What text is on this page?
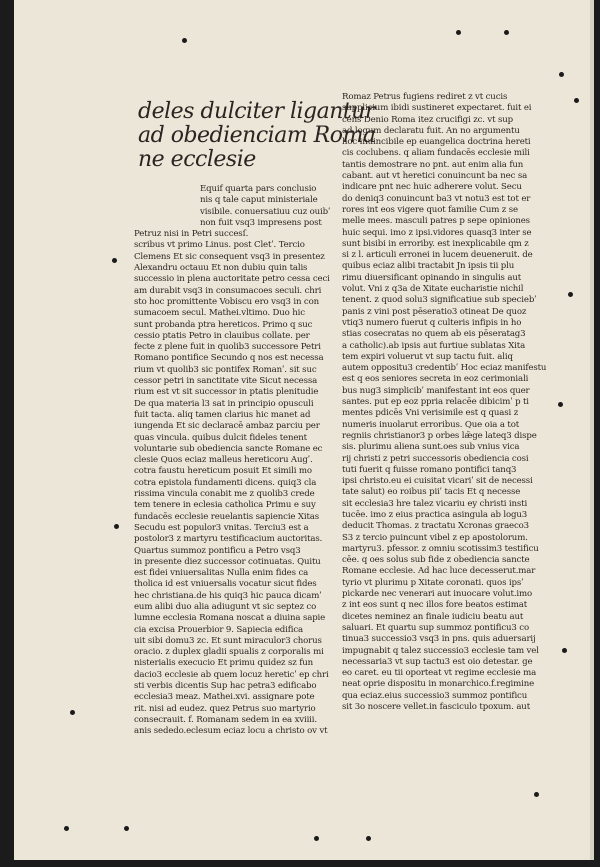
deles dulciter ligantur
ad obedienciam Roma
ne ecclesie
Equif quarta pars conclusio
nis q tale caput ministeriale
visibile. conuersatiuu cuz ouibʹ
non fuit vsq3 impresens post
Petruz nisi in Petri succesſ.
scribus vt primo Linus. post Cletʹ. Tercio
Clemens Et sic consequent vsq3 in presentez
Alexandru octauu Et non dubiu quin talis
successio in plena auctoritate petro cessa ceci
am durabit vsq3 in consumacoes seculi. chri
sto hoc promittente Vobiscu ero vsq3 in con
sumacoem secul. Mathei.vltimo. Duo hic
sunt probanda ptra hereticos. Primo q suc
cessio ptatis Petro in clauibus collate. per
fecte z plene fuit in quolib3 successore Petri
Romano pontifice Secundo q nos est necessa
rium vt quolib3 sic pontifex Romanʹ. sit suc
cessor petri in sanctitate vite Sicut necessa
rium est vt sit successor in ptatis plenitudie
De qua materia l3 sat in principio opusculi
fuit tacta. aliq tamen clarius hic manet ad
iungenda Et sic declaracē ambaz parciu per
quas vincula. quibus dulcit fideles tenent
voluntarie sub obediencia sancte Romane ec
clesie Quos eciaz malleus hereticoru Augʹ.
cotra faustu hereticum posuit Et simili mo
cotra epistola fundamenti dicens. quiq3 cla
rissima vincula conabit me z quolib3 crede
tem tenere in eclesia catholica Primu e suy
fundacēs ecclesie reuelantis sapiencie Xitas
Secudu est populor3 vnitas. Terciu3 est a
postolor3 z martyru testificacium auctoritas.
Quartus summoz pontificu a Petro vsq3
in presente diez successor cotinuatas. Quitu
est fidei vniuersalitas Nulla enim fides ca
tholica id est vniuersalis vocatur sicut fides
hec christiana.de his quiq3 hic pauca dicamʹ
eum alibi duo alia adiugunt vt sic septez co
lumne ecclesia Romana noscat a diuina sapie
cia excisa Prouerbior 9. Sapiecia edifica
uit sibi domu3 zc. Et sunt miraculor3 chorus
oracio. z duplex gladii spualis z corporalis mi
nisterialis execucio Et primu quidez sz fun
dacio3 ecclesie ab quem locuz hereticʹ ep chri
sti verbis dicentis Sup hac petra3 edificabo
ecclesia3 meaz. Mathei.xvi. assignare pote
rit. nisi ad eudez. quez Petrus suo martyrio
consecrauit. f. Romanam sedem in ea xviiii.
anis sededo.eclesum eciaz locu a christo ov vt
Romaz Petrus fugiens rediret z vt cucis
supplicium ibidi sustineret expectaret. fuit ei
cens Denio Roma itez crucifigi zc. vt sup
ad logum declaratu fuit. An no argumentu
hoc inuincibile ep euangelica doctrina hereti
cis coclubens. q aliam fundacēs ecclesie mili
tantis demostrare no pnt. aut enim alia fun
cabant. aut vt heretici conuincunt ba nec sa
indicare pnt nec huic adherere volut. Secu
do deniq3 conuincunt ba3 vt notu3 est tot er
rores int eos vigere quot familie Cum z se
melle mees. masculi patres p sepe opiniones
huic sequi. imo z ipsi.vidores quasq3 inter se
sunt bisibi in erroriby. est inexplicabile qm z
si z l. articuli erronei in lucem deueneruit. de
quibus eciaz alibi tractabit Jn ipsis tii plu
rimu diuersificant opinando in singulis aut
volut. Vni z q3a de Xitate eucharistie nichil
tenent. z quod solu3 significatiue sub speciebʹ
panis z vini post pēseratio3 otineat De quoz
vtiq3 numero fuerut q culteris infipis in ho
stias cosecratas no quem ab eis pēseratag3
a catholic).ab ipsis aut furtiue sublatas Xita
tem expiri voluerut vt sup tactu fuit. aliq
autem oppositu3 credentibʹ Hoc eciaz manifestu
est q eos seniores secreta in eoz cerimoniali
bus nug3 simplicibʹ manifestant int eos quer
santes. put ep eoz ppria relacēe dibicimʹ p ti
mentes pdicēs Vni verisimile est q quasi z
numeris inuolarut erroribus. Que oia a tot
regniis christianor3 p orbes lǣge lateq3 dispe
sis. plurimu aliena sunt.oes sub vnius vica
rij christi z petri successoris obediencia cosi
tuti fuerit q fuisse romano pontifici tanq3
ipsi christo.eu ei cuisitat vicariʹ sit de necessi
tate salut) eo roibus piiʹ tacis Et q necesse
sit ecclesia3 hre talez vicariu ey christi insti
tucēe. imo z eius practica asingula ab logu3
deducit Thomas. z tractatu Xcronas graeco3
S3 z tercio puincunt vibel z ep apostolorum.
martyru3. pfessor. z omniu scotissim3 testificu
cēe. q oes solus sub fide z obediencia sancte
Romane ecclesie. Ad hac luce decesserut.mar
tyrio vt plurimu p Xitate coronati. quos ipsʹ
pickarde nec venerari aut inuocare volut.imo
z int eos sunt q nec illos fore beatos estimat
dicetes neminez an finale iudiciu beatu aut
saluari. Et quartu sup summoz pontificu3 co
tinua3 successio3 vsq3 in pns. quis aduersarij
impugnabit q talez successio3 ecclesie tam vel
necessaria3 vt sup tactu3 est oio detestar. ge
eo caret. eu tii oporteat vt regime ecclesie ma
neat oprie dispositu in monarchico.f.regimine
qua eciaz.eius successio3 summoz pontificu
sit 3o noscere vellet.in fasciculo tpoxum. aut
